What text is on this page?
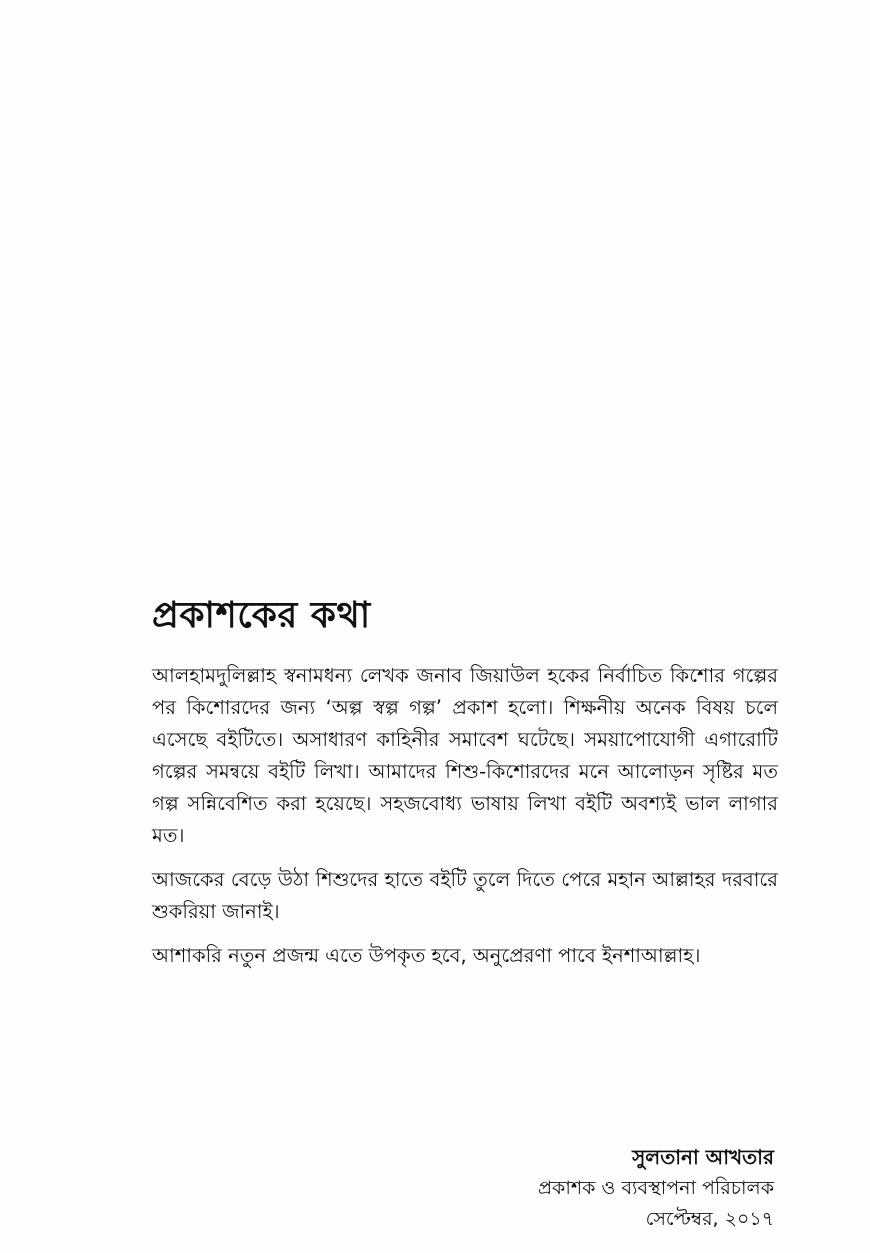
প্রকাশকের কথা

আলহামদুলিল্লাহ স্বনামধন্য লেখক জনাব জিয়াউল হকের নির্বাচিত কিশোর গল্পের পর কিশোরদের জন্য ‘অল্প স্বল্প গল্প’ প্রকাশ হলো। শিক্ষনীয় অনেক বিষয় চলে এসেছে বইটিতে। অসাধারণ কাহিনীর সমাবেশ ঘটেছে। সময়াপোযোগী এগারোটি গল্পের সমন্বয়ে বইটি লিখা। আমাদের শিশু-কিশোরদের মনে আলোড়ন সৃষ্টির মত গল্প সন্নিবেশিত করা হয়েছে। সহজবোধ্য ভাষায় লিখা বইটি অবশ্যই ভাল লাগার মত।

আজকের বেড়ে উঠা শিশুদের হাতে বইটি তুলে দিতে পেরে মহান আল্লাহর দরবারে শুকরিয়া জানাই।

আশাকরি নতুন প্রজন্ম এতে উপকৃত হবে, অনুপ্রেরণা পাবে ইনশাআল্লাহ।

সুলতানা আখতার
প্রকাশক ও ব্যবস্থাপনা পরিচালক
সেপ্টেম্বর, ২০১৭
